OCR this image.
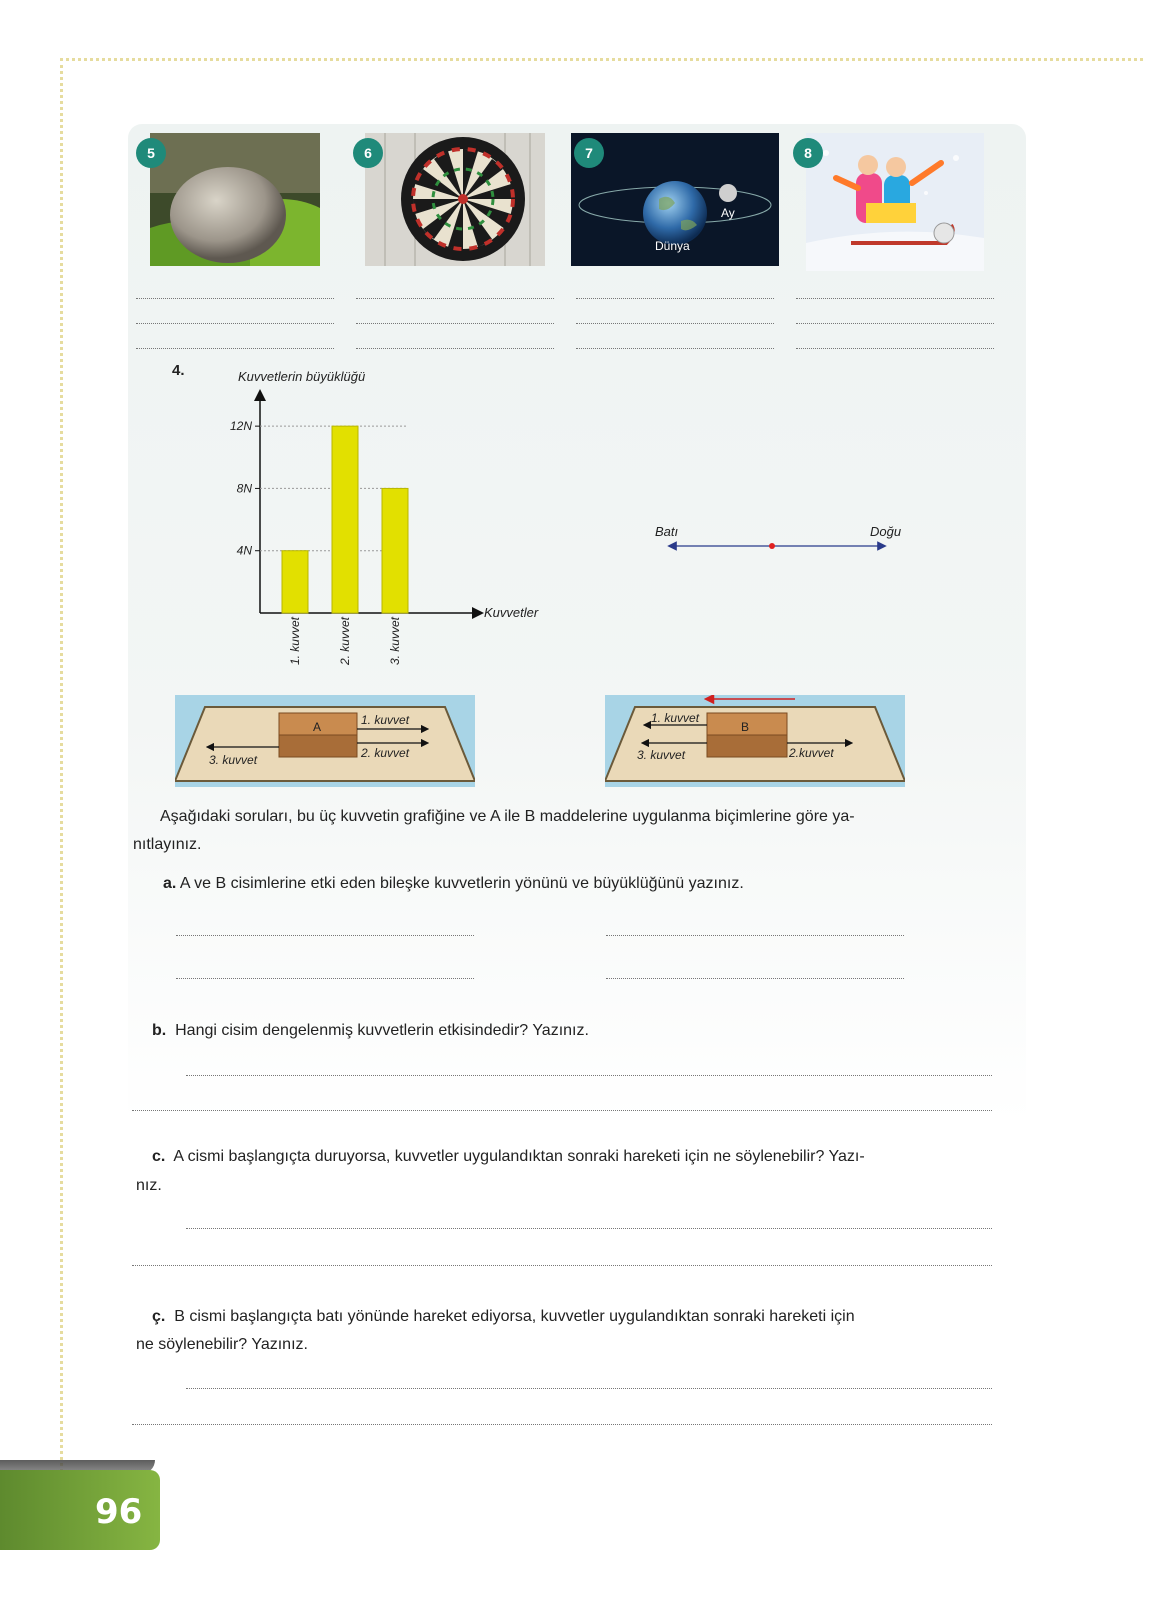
5	6
Ay
Dünya
7	8
4.	Kuvvetlerin büyüklüğü
Kuvvetler
4N
8N
12N
1. kuvvet	2. kuvvet	3. kuvvet
Batı	Doğu
A	1. kuvvet
2. kuvvet
3. kuvvet
B
1. kuvvet
3. kuvvet	2.kuvvet
Aşağıdaki soruları, bu üç kuvvetin grafiğine ve A ile B maddelerine uygulanma biçimlerine göre ya-
nıtlayınız.
a. A ve B cisimlerine etki eden bileşke kuvvetlerin yönünü ve büyüklüğünü yazınız.
b. Hangi cisim dengelenmiş kuvvetlerin etkisindedir? Yazınız.
c. A cismi başlangıçta duruyorsa, kuvvetler uygulandıktan sonraki hareketi için ne söylenebilir? Yazı-
nız.
ç. B cismi başlangıçta batı yönünde hareket ediyorsa, kuvvetler uygulandıktan sonraki hareketi için
ne söylenebilir? Yazınız.
96
